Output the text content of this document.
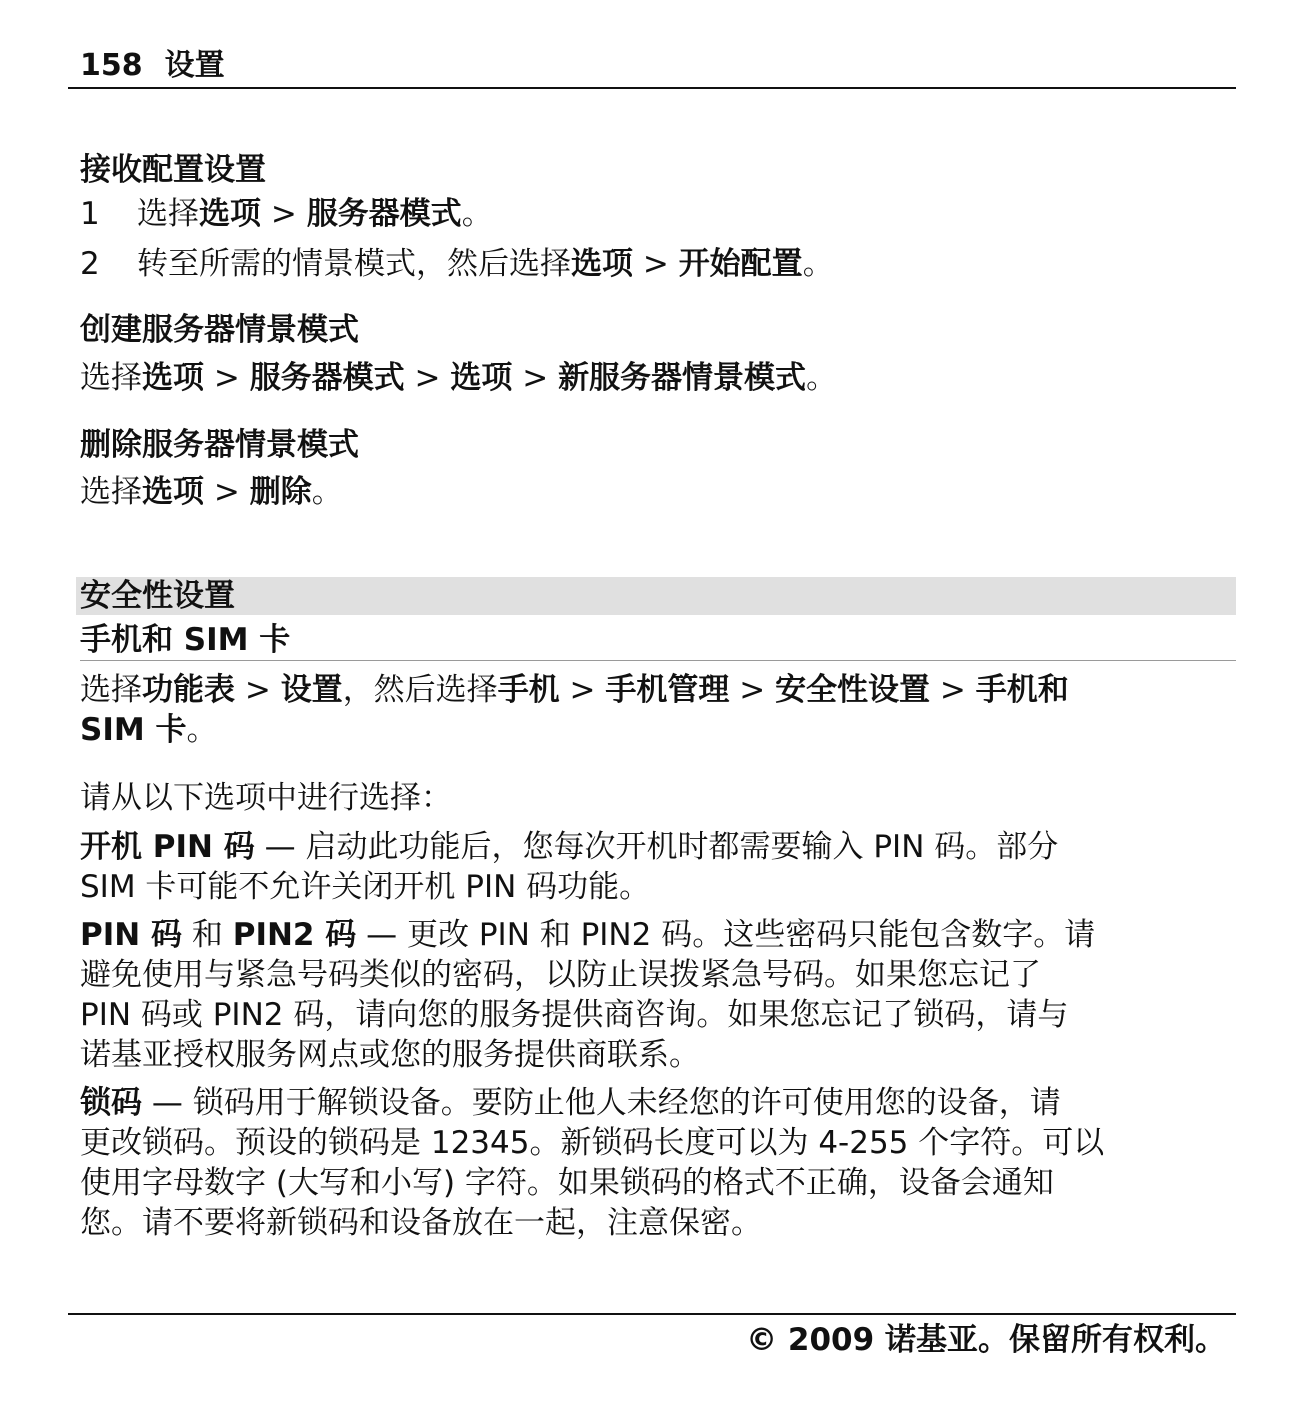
158 设置
接收配置设置
1 选择选项 > 服务器模式。
2 转至所需的情景模式，然后选择选项 > 开始配置。
创建服务器情景模式
选择选项 > 服务器模式 > 选项 > 新服务器情景模式。
删除服务器情景模式
选择选项 > 删除。
安全性设置
手机和 SIM 卡
选择功能表 > 设置，然后选择手机 > 手机管理 > 安全性设置 > 手机和
SIM 卡。
请从以下选项中进行选择：
开机 PIN 码 — 启动此功能后，您每次开机时都需要输入 PIN 码。部分
SIM 卡可能不允许关闭开机 PIN 码功能。
PIN 码 和 PIN2 码 — 更改 PIN 和 PIN2 码。这些密码只能包含数字。请
避免使用与紧急号码类似的密码，以防止误拨紧急号码。如果您忘记了
PIN 码或 PIN2 码，请向您的服务提供商咨询。如果您忘记了锁码，请与
诺基亚授权服务网点或您的服务提供商联系。
锁码 — 锁码用于解锁设备。要防止他人未经您的许可使用您的设备，请
更改锁码。预设的锁码是 12345。新锁码长度可以为 4-255 个字符。可以
使用字母数字 (大写和小写) 字符。如果锁码的格式不正确，设备会通知
您。请不要将新锁码和设备放在一起，注意保密。
© 2009 诺基亚。保留所有权利。
